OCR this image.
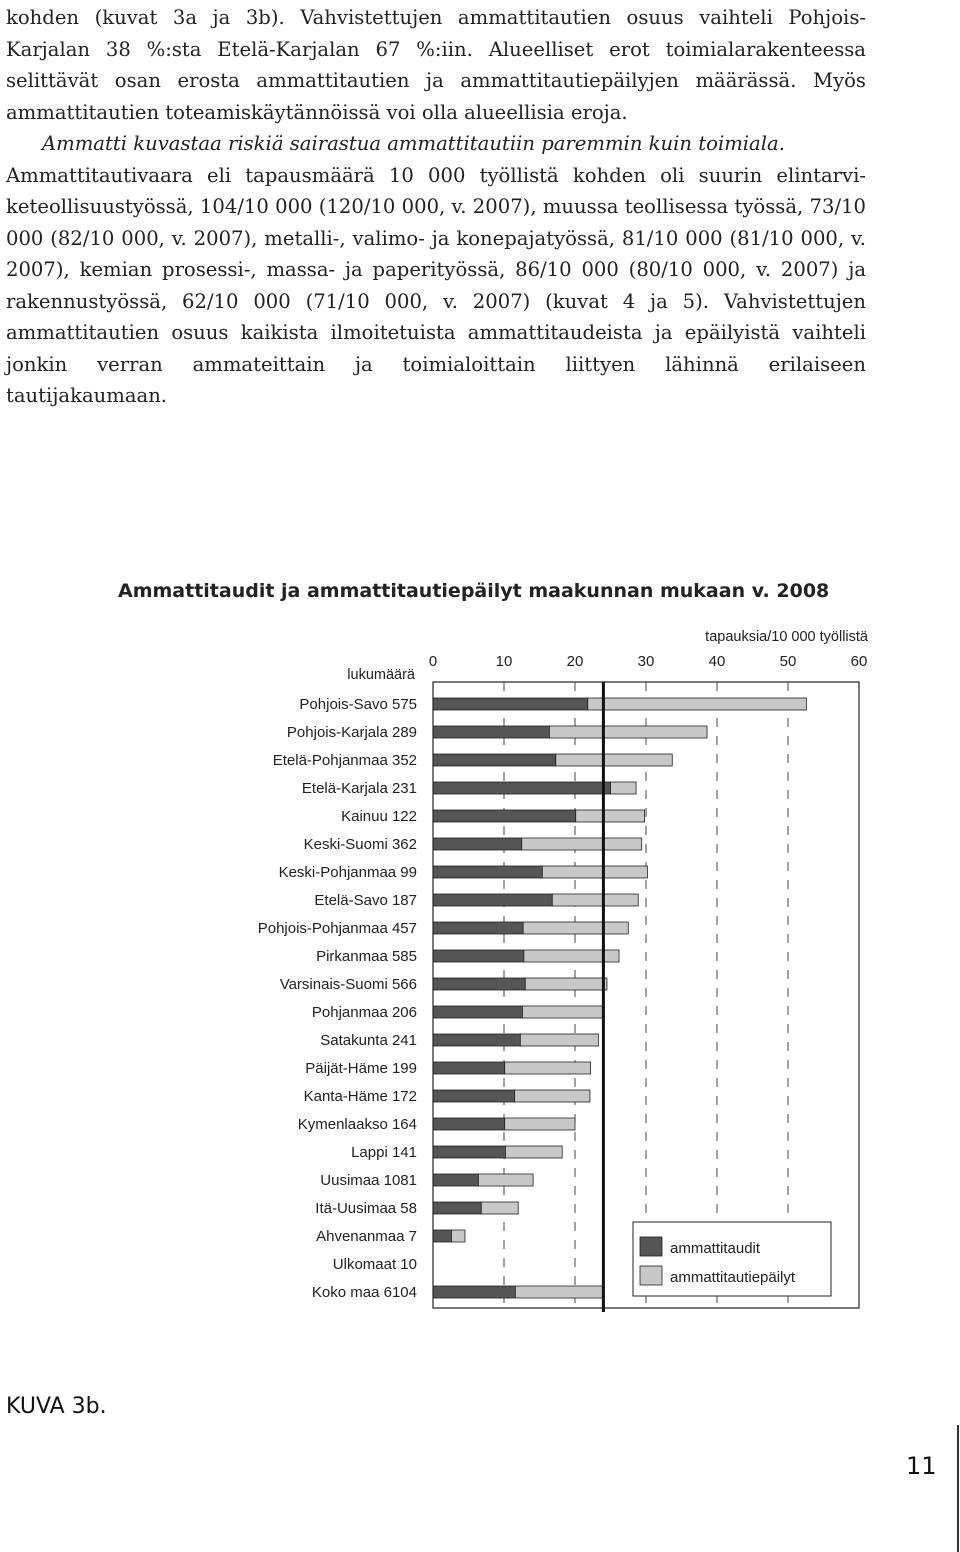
kohden (kuvat 3a ja 3b). Vahvistettujen ammattitautien osuus vaihteli Pohjois-Karjalan 38 %:sta Etelä-Karjalan 67 %:iin. Alueelliset erot toimialarakenteessa selittävät osan erosta ammattitautien ja ammattitautiepäilyjen määrässä. Myös ammattitautien toteamiskäytännöissä voi olla alueellisia eroja.

Ammatti kuvastaa riskiä sairastua ammattitautiin paremmin kuin toimiala.

Ammattitautivaara eli tapausmäärä 10 000 työllistä kohden oli suurin elintarvi-keteollisuustyössä, 104/10 000 (120/10 000, v. 2007), muussa teollisessa työssä, 73/10 000 (82/10 000, v. 2007), metalli-, valimo- ja konepajatyössä, 81/10 000 (81/10 000, v. 2007), kemian prosessi-, massa- ja paperityössä, 86/10 000 (80/10 000, v. 2007) ja rakennustyössä, 62/10 000 (71/10 000, v. 2007) (kuvat 4 ja 5). Vahvistettujen ammattitautien osuus kaikista ilmoitetuista ammattitaudeista ja epäilyistä vaihteli jonkin verran ammateittain ja toimialoittain liittyen lähinnä erilaiseen tautijakaumaan.

Ammattitaudit ja ammattitautiepäilyt maakunnan mukaan v. 2008
tapauksia/10 000 työllistä
lukumäärä
0	10	20	30	40	50	60
Pohjois-Savo 575
Pohjois-Karjala 289
Etelä-Pohjanmaa 352
Etelä-Karjala 231
Kainuu 122
Keski-Suomi 362
Keski-Pohjanmaa 99
Etelä-Savo 187
Pohjois-Pohjanmaa 457
Pirkanmaa 585
Varsinais-Suomi 566
Pohjanmaa 206
Satakunta 241
Päijät-Häme 199
Kanta-Häme 172
Kymenlaakso 164
Lappi 141
Uusimaa 1081
Itä-Uusimaa 58
Ahvenanmaa 7
Ulkomaat 10
Koko maa 6104
ammattitaudit
ammattitautiepäilyt
KUVA 3b.
11
